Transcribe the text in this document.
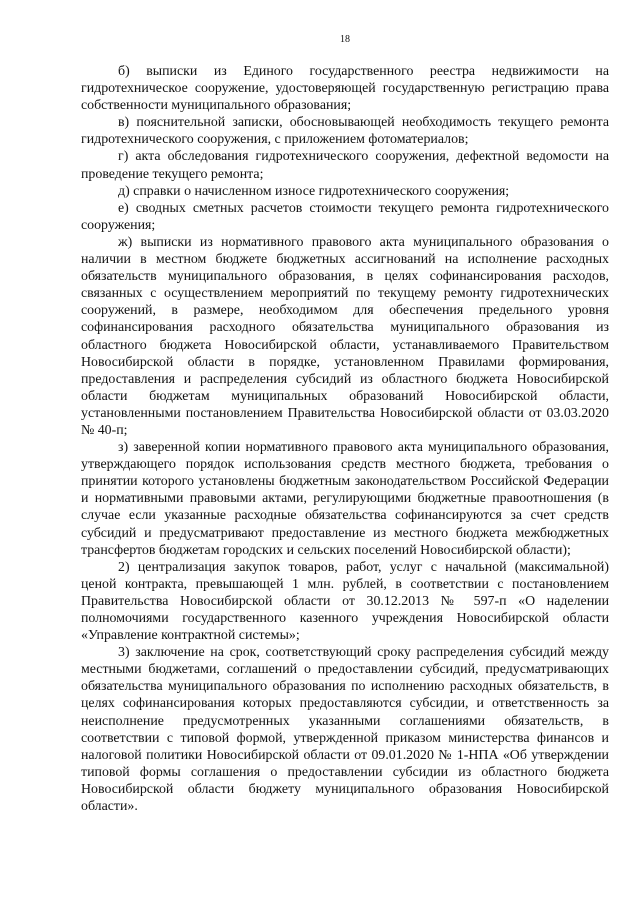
18

б) выписки из Единого государственного реестра недвижимости на гидротехническое сооружение, удостоверяющей государственную регистрацию права собственности муниципального образования;

в) пояснительной записки, обосновывающей необходимость текущего ремонта гидротехнического сооружения, с приложением фотоматериалов;

г) акта обследования гидротехнического сооружения, дефектной ведомости на проведение текущего ремонта;

д) справки о начисленном износе гидротехнического сооружения;

е) сводных сметных расчетов стоимости текущего ремонта гидротехнического сооружения;

ж) выписки из нормативного правового акта муниципального образования о наличии в местном бюджете бюджетных ассигнований на исполнение расходных обязательств муниципального образования, в целях софинансирования расходов, связанных с осуществлением мероприятий по текущему ремонту гидротехнических сооружений, в размере, необходимом для обеспечения предельного уровня софинансирования расходного обязательства муниципального образования из областного бюджета Новосибирской области, устанавливаемого Правительством Новосибирской области в порядке, установленном Правилами формирования, предоставления и распределения субсидий из областного бюджета Новосибирской области бюджетам муниципальных образований Новосибирской области, установленными постановлением Правительства Новосибирской области от 03.03.2020 № 40-п;

з) заверенной копии нормативного правового акта муниципального образования, утверждающего порядок использования средств местного бюджета, требования о принятии которого установлены бюджетным законодательством Российской Федерации и нормативными правовыми актами, регулирующими бюджетные правоотношения (в случае если указанные расходные обязательства софинансируются за счет средств субсидий и предусматривают предоставление из местного бюджета межбюджетных трансфертов бюджетам городских и сельских поселений Новосибирской области);

2) централизация закупок товаров, работ, услуг с начальной (максимальной) ценой контракта, превышающей 1 млн. рублей, в соответствии с постановлением Правительства Новосибирской области от 30.12.2013 № 597-п «О наделении полномочиями государственного казенного учреждения Новосибирской области «Управление контрактной системы»;

3) заключение на срок, соответствующий сроку распределения субсидий между местными бюджетами, соглашений о предоставлении субсидий, предусматривающих обязательства муниципального образования по исполнению расходных обязательств, в целях софинансирования которых предоставляются субсидии, и ответственность за неисполнение предусмотренных указанными соглашениями обязательств, в соответствии с типовой формой, утвержденной приказом министерства финансов и налоговой политики Новосибирской области от 09.01.2020 № 1-НПА «Об утверждении типовой формы соглашения о предоставлении субсидии из областного бюджета Новосибирской области бюджету муниципального образования Новосибирской области».
